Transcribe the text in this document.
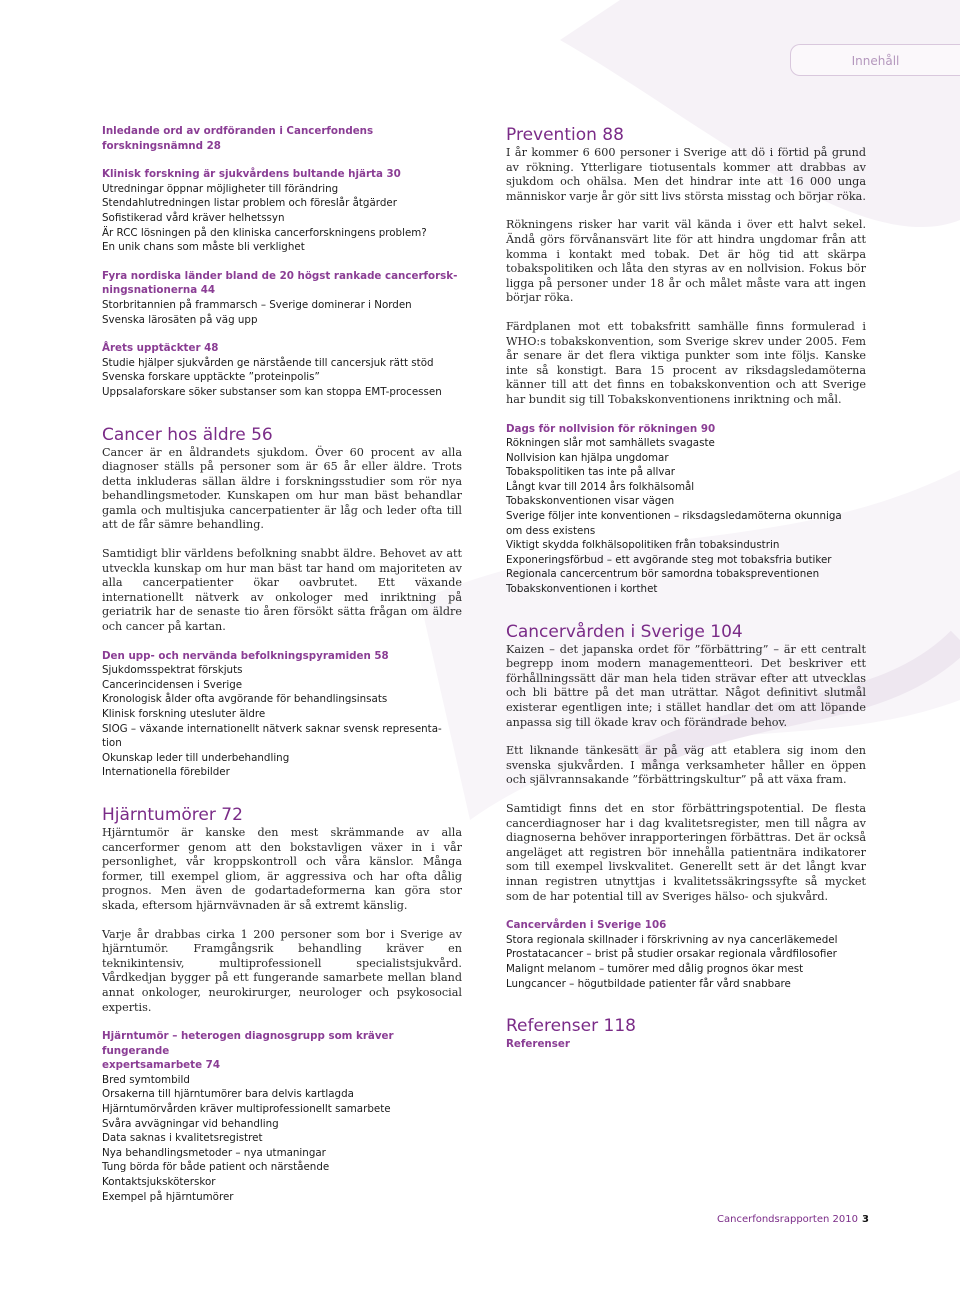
Innehåll
Inledande ord av ordföranden i Cancerfondens
forskningsnämnd 28
Klinisk forskning är sjukvårdens bultande hjärta 30
Utredningar öppnar möjligheter till förändring
Stendahlutredningen listar problem och föreslår åtgärder
Sofistikerad vård kräver helhetssyn
Är RCC lösningen på den kliniska cancerforskningens problem?
En unik chans som måste bli verklighet
Fyra nordiska länder bland de 20 högst rankade cancerforsk-
ningsnationerna 44
Storbritannien på frammarsch – Sverige dominerar i Norden
Svenska lärosäten på väg upp
Årets upptäckter 48
Studie hjälper sjukvården ge närstående till cancersjuk rätt stöd
Svenska forskare upptäckte ”proteinpolis”
Uppsalaforskare söker substanser som kan stoppa EMT-processen
Cancer hos äldre 56

Cancer är en åldrandets sjukdom. Över 60 procent av alla diagnoser ställs på personer som är 65 år eller äldre. Trots detta inkluderas sällan äldre i forskningsstudier som rör nya behandlingsmetoder. Kunskapen om hur man bäst behandlar gamla och multisjuka cancerpatienter är låg och leder ofta till att de får sämre behandling.

Samtidigt blir världens befolkning snabbt äldre. Behovet av att utveckla kunskap om hur man bäst tar hand om majoriteten av alla cancerpatienter ökar oavbrutet. Ett växande internationellt nätverk av onkologer med inriktning på geriatrik har de senaste tio åren försökt sätta frågan om äldre och cancer på kartan.

Den upp- och nervända befolkningspyramiden 58
Sjukdomsspektrat förskjuts
Cancerincidensen i Sverige
Kronologisk ålder ofta avgörande för behandlingsinsats
Klinisk forskning utesluter äldre
SIOG – växande internationellt nätverk saknar svensk representa-
tion
Okunskap leder till underbehandling
Internationella förebilder
Hjärntumörer 72

Hjärntumör är kanske den mest skrämmande av alla cancerformer genom att den bokstavligen växer in i vår personlighet, vår kroppskontroll och våra känslor. Många former, till exempel gliom, är aggressiva och har ofta dålig prognos. Men även de godartadeformerna kan göra stor skada, eftersom hjärnvävnaden är så extremt känslig.

Varje år drabbas cirka 1 200 personer som bor i Sverige av hjärntumör. Framgångsrik behandling kräver en teknikintensiv, multiprofessionell specialistsjukvård. Vårdkedjan bygger på ett fungerande samarbete mellan bland annat onkologer, neurokirurger, neurologer och psykosocial expertis.

Hjärntumör – heterogen diagnosgrupp som kräver fungerande
expertsamarbete 74
Bred symtombild
Orsakerna till hjärntumörer bara delvis kartlagda
Hjärntumörvården kräver multiprofessionellt samarbete
Svåra avvägningar vid behandling
Data saknas i kvalitetsregistret
Nya behandlingsmetoder – nya utmaningar
Tung börda för både patient och närstående
Kontaktsjuksköterskor
Exempel på hjärntumörer
Prevention 88

I år kommer 6 600 personer i Sverige att dö i förtid på grund av rökning. Ytterligare tiotusentals kommer att drabbas av sjukdom och ohälsa. Men det hindrar inte att 16 000 unga människor varje år gör sitt livs största misstag och börjar röka.

Rökningens risker har varit väl kända i över ett halvt sekel. Ändå görs förvånansvärt lite för att hindra ungdomar från att komma i kontakt med tobak. Det är hög tid att skärpa tobakspolitiken och låta den styras av en nollvision. Fokus bör ligga på personer under 18 år och målet måste vara att ingen börjar röka.

Färdplanen mot ett tobaksfritt samhälle finns formulerad i WHO:s tobakskonvention, som Sverige skrev under 2005. Fem år senare är det flera viktiga punkter som inte följs. Kanske inte så konstigt. Bara 15 procent av riksdagsledamöterna känner till att det finns en tobakskonvention och att Sverige har bundit sig till Tobakskonventionens inriktning och mål.

Dags för nollvision för rökningen 90
Rökningen slår mot samhällets svagaste
Nollvision kan hjälpa ungdomar
Tobakspolitiken tas inte på allvar
Långt kvar till 2014 års folkhälsomål
Tobakskonventionen visar vägen
Sverige följer inte konventionen – riksdagsledamöterna okunniga
om dess existens
Viktigt skydda folkhälsopolitiken från tobaksindustrin
Exponeringsförbud – ett avgörande steg mot tobaksfria butiker
Regionala cancercentrum bör samordna tobakspreventionen
Tobakskonventionen i korthet
Cancervården i Sverige 104

Kaizen – det japanska ordet för ”förbättring” – är ett centralt begrepp inom modern managementteori. Det beskriver ett förhållningssätt där man hela tiden strävar efter att utvecklas och bli bättre på det man uträttar. Något definitivt slutmål existerar egentligen inte; i stället handlar det om att löpande anpassa sig till ökade krav och förändrade behov.

Ett liknande tänkesätt är på väg att etablera sig inom den svenska sjukvården. I många verksamheter håller en öppen och självrannsakande ”förbättringskultur” på att växa fram.

Samtidigt finns det en stor förbättringspotential. De flesta cancerdiagnoser har i dag kvalitetsregister, men till några av diagnoserna behöver inrapporteringen förbättras. Det är också angeläget att registren bör innehålla patientnära indikatorer som till exempel livskvalitet. Generellt sett är det långt kvar innan registren utnyttjas i kvalitetssäkringssyfte så mycket som de har potential till av Sveriges hälso- och sjukvård.

Cancervården i Sverige 106
Stora regionala skillnader i förskrivning av nya cancerläkemedel
Prostatacancer – brist på studier orsakar regionala vårdfilosofier
Malignt melanom – tumörer med dålig prognos ökar mest
Lungcancer – högutbildade patienter får vård snabbare
Referenser 118
Referenser
Cancerfondsrapporten 2010 3
